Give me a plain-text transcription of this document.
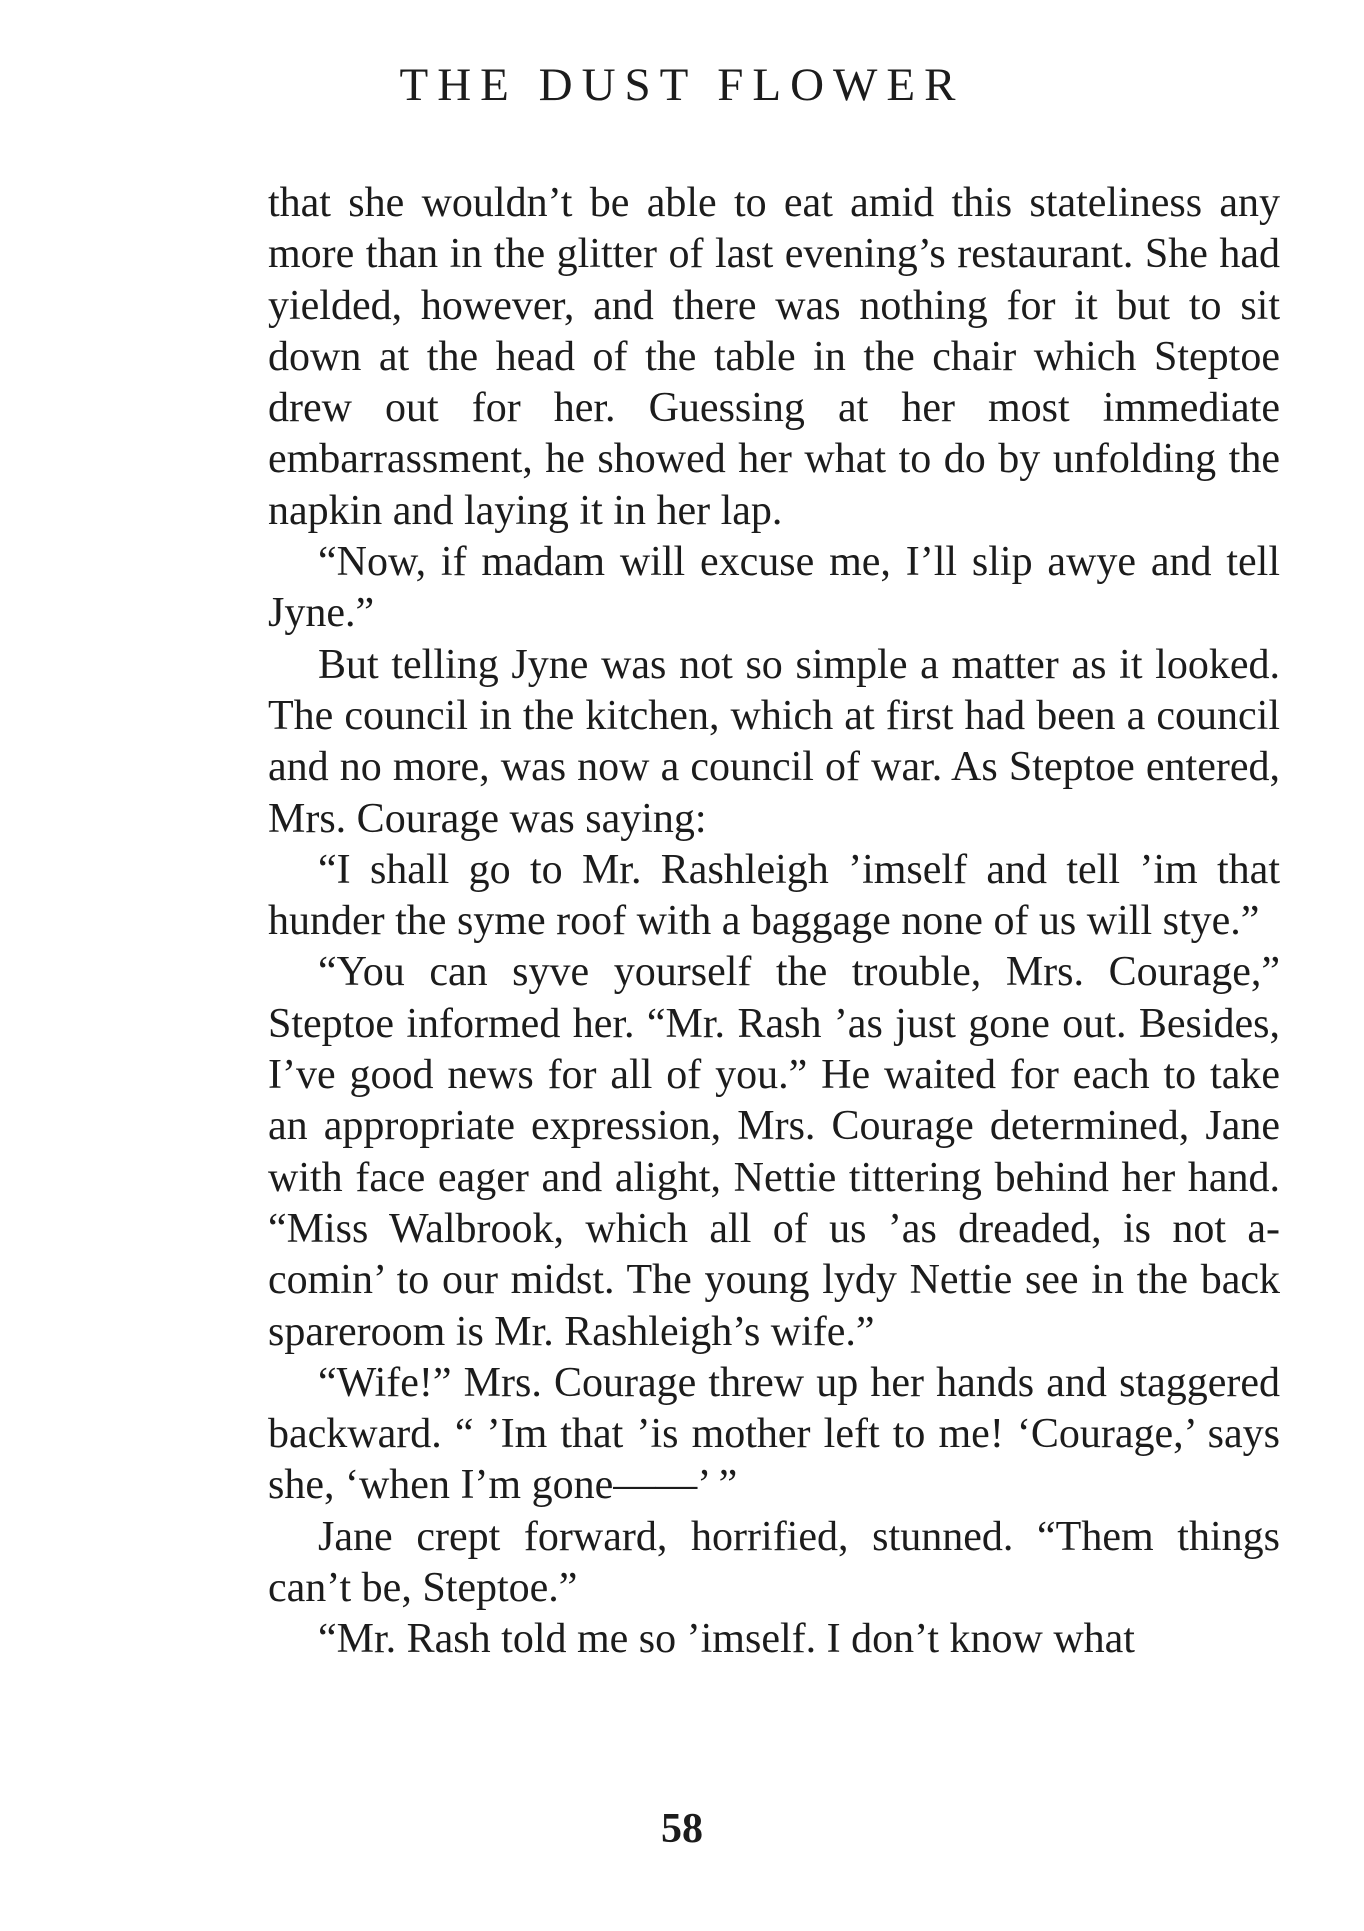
THE DUST FLOWER

that she wouldn’t be able to eat amid this stateliness any more than in the glitter of last evening’s restaurant. She had yielded, however, and there was nothing for it but to sit down at the head of the table in the chair which Steptoe drew out for her. Guessing at her most immediate embarrassment, he showed her what to do by unfolding the napkin and laying it in her lap.

“Now, if madam will excuse me, I’ll slip awye and tell Jyne.”

But telling Jyne was not so simple a matter as it looked. The council in the kitchen, which at first had been a council and no more, was now a council of war. As Steptoe entered, Mrs. Courage was saying:

“I shall go to Mr. Rashleigh ’imself and tell ’im that hunder the syme roof with a baggage none of us will stye.”

“You can syve yourself the trouble, Mrs. Courage,” Steptoe informed her. “Mr. Rash ’as just gone out. Besides, I’ve good news for all of you.” He waited for each to take an appropriate expression, Mrs. Courage determined, Jane with face eager and alight, Nettie tittering behind her hand. “Miss Walbrook, which all of us ’as dreaded, is not a-comin’ to our midst. The young lydy Nettie see in the back spareroom is Mr. Rashleigh’s wife.”

“Wife!” Mrs. Courage threw up her hands and staggered backward. “ ’Im that ’is mother left to me! ‘Courage,’ says she, ‘when I’m gone——’ ”

Jane crept forward, horrified, stunned. “Them things can’t be, Steptoe.”

“Mr. Rash told me so ’imself. I don’t know what

58
